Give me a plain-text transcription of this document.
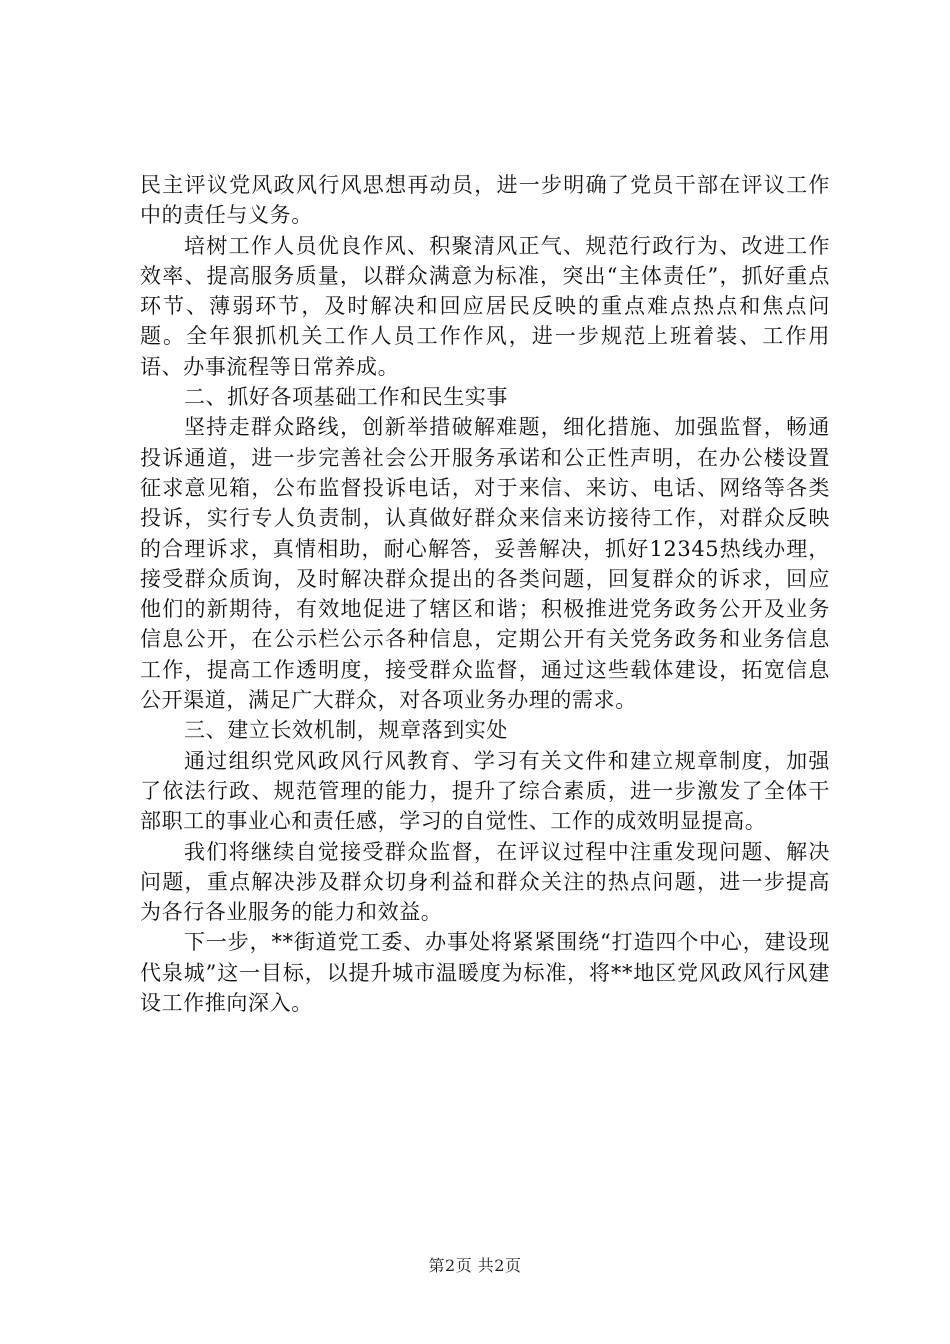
民主评议党风政风行风思想再动员，进一步明确了党员干部在评议工作中的责任与义务。

培树工作人员优良作风、积聚清风正气、规范行政行为、改进工作效率、提高服务质量，以群众满意为标准，突出“主体责任”，抓好重点环节、薄弱环节，及时解决和回应居民反映的重点难点热点和焦点问题。全年狠抓机关工作人员工作作风，进一步规范上班着装、工作用语、办事流程等日常养成。

二、抓好各项基础工作和民生实事

坚持走群众路线，创新举措破解难题，细化措施、加强监督，畅通投诉通道，进一步完善社会公开服务承诺和公正性声明，在办公楼设置征求意见箱，公布监督投诉电话，对于来信、来访、电话、网络等各类投诉，实行专人负责制，认真做好群众来信来访接待工作，对群众反映的合理诉求，真情相助，耐心解答，妥善解决，抓好12345热线办理，接受群众质询，及时解决群众提出的各类问题，回复群众的诉求，回应他们的新期待，有效地促进了辖区和谐；积极推进党务政务公开及业务信息公开，在公示栏公示各种信息，定期公开有关党务政务和业务信息工作，提高工作透明度，接受群众监督，通过这些载体建设，拓宽信息公开渠道，满足广大群众，对各项业务办理的需求。

三、建立长效机制，规章落到实处

通过组织党风政风行风教育、学习有关文件和建立规章制度，加强了依法行政、规范管理的能力，提升了综合素质，进一步激发了全体干部职工的事业心和责任感，学习的自觉性、工作的成效明显提高。

我们将继续自觉接受群众监督，在评议过程中注重发现问题、解决问题，重点解决涉及群众切身利益和群众关注的热点问题，进一步提高为各行各业服务的能力和效益。

下一步，**街道党工委、办事处将紧紧围绕“打造四个中心，建设现代泉城”这一目标，以提升城市温暖度为标准，将**地区党风政风行风建设工作推向深入。

第2页 共2页
